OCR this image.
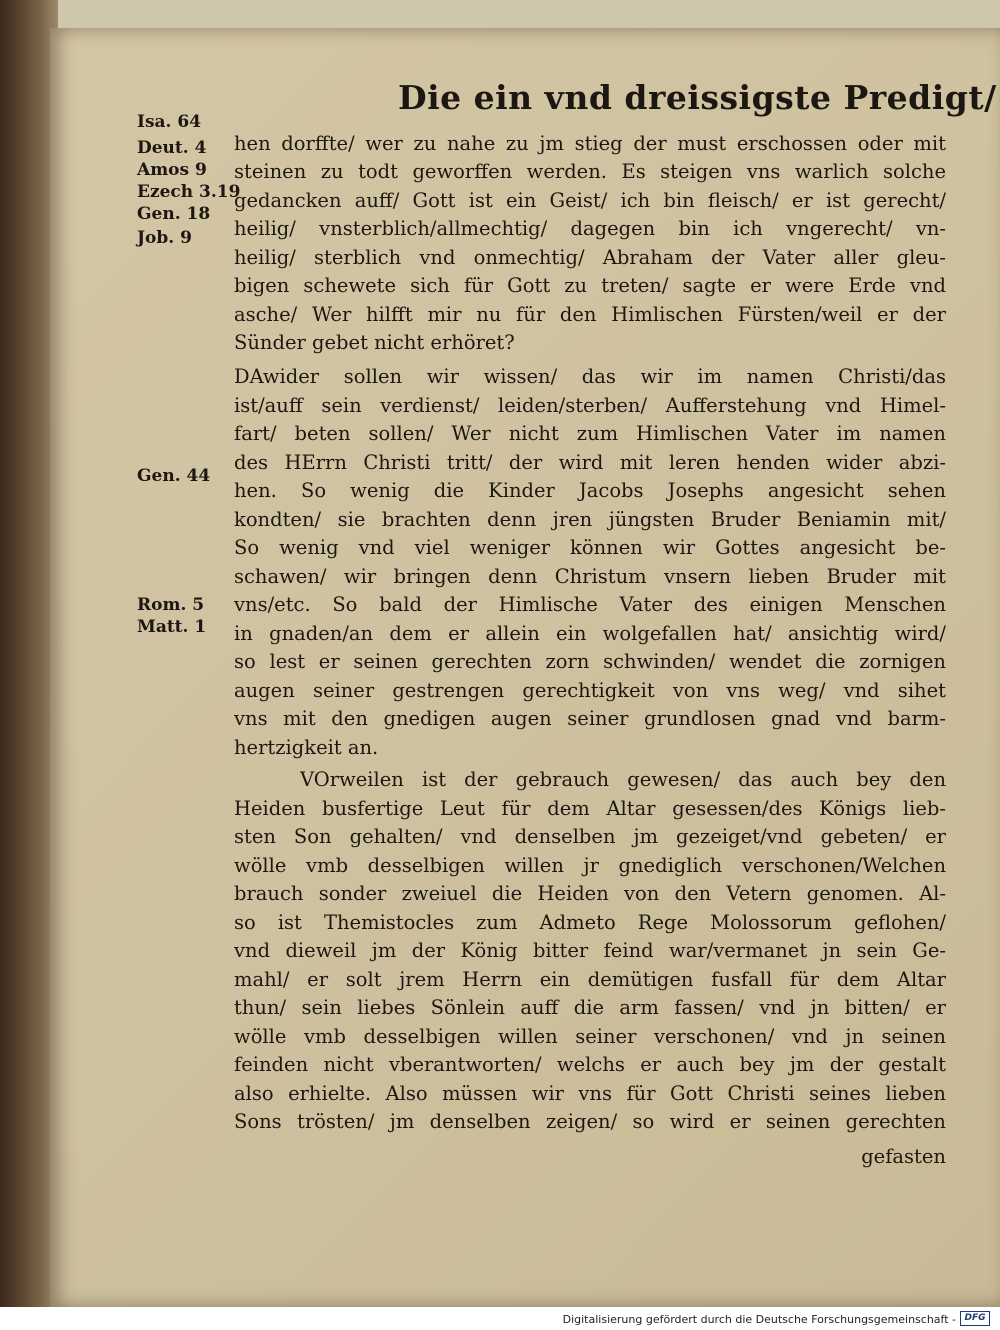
Die ein vnd dreissigste Predigt/
Isa. 64
Deut. 4
Amos 9
Ezech 3.19
Gen. 18
Job. 9
Gen. 44
Rom. 5
Matt. 1
hen dorffte/ wer zu nahe zu jm stieg der must erschossen oder mit
steinen zu todt geworffen werden. Es steigen vns warlich solche
gedancken auff/ Gott ist ein Geist/ ich bin fleisch/ er ist gerecht/
heilig/ vnsterblich/allmechtig/ dagegen bin ich vngerecht/ vn-
heilig/ sterblich vnd onmechtig/ Abraham der Vater aller gleu-
bigen schewete sich für Gott zu treten/ sagte er were Erde vnd
asche/ Wer hilfft mir nu für den Himlischen Fürsten/weil er der
Sünder gebet nicht erhöret?
DAwider sollen wir wissen/ das wir im namen Christi/das
ist/auff sein verdienst/ leiden/sterben/ Aufferstehung vnd Himel-
fart/ beten sollen/ Wer nicht zum Himlischen Vater im namen
des HErrn Christi tritt/ der wird mit leren henden wider abzi-
hen. So wenig die Kinder Jacobs Josephs angesicht sehen
kondten/ sie brachten denn jren jüngsten Bruder Beniamin mit/
So wenig vnd viel weniger können wir Gottes angesicht be-
schawen/ wir bringen denn Christum vnsern lieben Bruder mit
vns/etc. So bald der Himlische Vater des einigen Menschen
in gnaden/an dem er allein ein wolgefallen hat/ ansichtig wird/
so lest er seinen gerechten zorn schwinden/ wendet die zornigen
augen seiner gestrengen gerechtigkeit von vns weg/ vnd sihet
vns mit den gnedigen augen seiner grundlosen gnad vnd barm-
hertzigkeit an.
VOrweilen ist der gebrauch gewesen/ das auch bey den
Heiden busfertige Leut für dem Altar gesessen/des Königs lieb-
sten Son gehalten/ vnd denselben jm gezeiget/vnd gebeten/ er
wölle vmb desselbigen willen jr gnediglich verschonen/Welchen
brauch sonder zweiuel die Heiden von den Vetern genomen. Al-
so ist Themistocles zum Admeto Rege Molossorum geflohen/
vnd dieweil jm der König bitter feind war/vermanet jn sein Ge-
mahl/ er solt jrem Herrn ein demütigen fusfall für dem Altar
thun/ sein liebes Sönlein auff die arm fassen/ vnd jn bitten/ er
wölle vmb desselbigen willen seiner verschonen/ vnd jn seinen
feinden nicht vberantworten/ welchs er auch bey jm der gestalt
also erhielte. Also müssen wir vns für Gott Christi seines lieben
Sons trösten/ jm denselben zeigen/ so wird er seinen gerechten
gefasten
Digitalisierung gefördert durch die Deutsche Forschungsgemeinschaft - DFG
